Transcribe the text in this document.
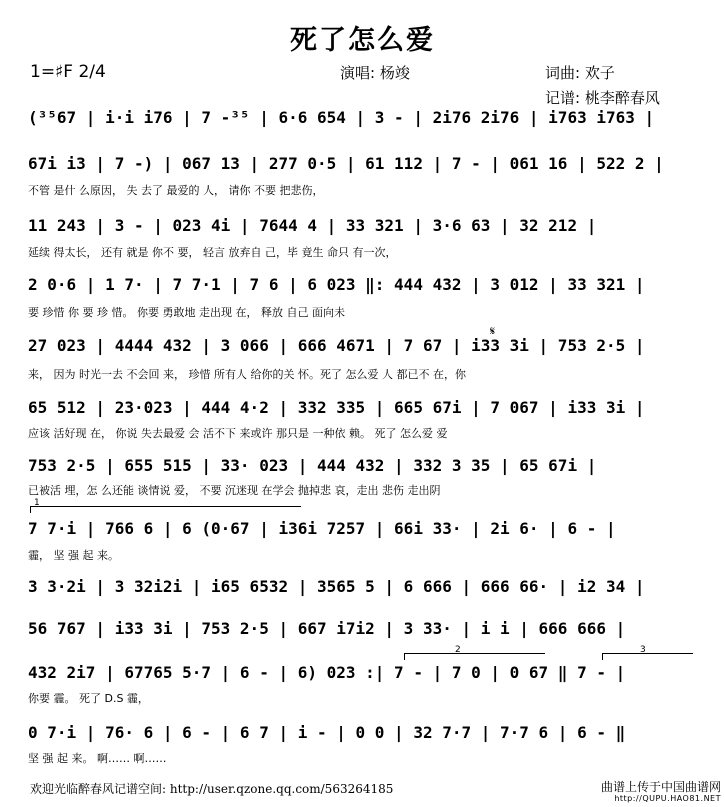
死了怎么爱
1=♯F 2/4	演唱: 杨竣	词曲: 欢子
记谱: 桃李醉春风
(³⁵67 | i·i i76 | 7 -³⁵ | 6·6 654 | 3 - | 2i76 2i76 | i763 i763 |
67i i3 | 7 -) | 067 13 | 277 0·5 | 61 112 | 7 - | 061 16 | 522 2 |
不管 是什 么原因， 失 去了 最爱的 人， 请你 不要 把悲伤，
11 243 | 3 - | 023 4i | 7644 4 | 33 321 | 3·6 63 | 32 212 |
延续 得太长， 还有 就是 你不 要， 轻言 放弃自 己，毕 竟生 命只 有一次，
2 0·6 | 1 7· | 7 7·1 | 7 6 | 6 023 ‖: 444 432 | 3 012 | 33 321 |
要 珍惜 你 要 珍 惜。 你要 勇敢地 走出现 在， 释放 自己 面向未
𝄋
27 023 | 4444 432 | 3 066 | 666 4671 | 7 67 | i33 3i | 753 2·5 |
来， 因为 时光一去 不会回 来， 珍惜 所有人 给你的关 怀。死了 怎么爱 人 都已不 在，你
65 512 | 23·023 | 444 4·2 | 332 335 | 665 67i | 7 067 | i33 3i |
应该 活好现 在， 你说 失去最爱 会 活不下 来或许 那只是 一种依 赖。 死了 怎么爱 爱
753 2·5 | 655 515 | 33· 023 | 444 432 | 332 3 35 | 65 67i |
已被活 埋，怎 么还能 谈情说 爱， 不要 沉迷现 在学会 抛掉悲 哀，走出 悲伤 走出阴
1
7 7·i | 766 6 | 6 (0·67 | i36i 7257 | 66i 33· | 2i 6· | 6 - |
霾， 坚 强 起 来。
3 3·2i | 3 32i2i | i65 6532 | 3565 5 | 6 666 | 666 66· | i2 34 |
56 767 | i33 3i | 753 2·5 | 667 i7i2 | 3 33· | i i | 666 666 |
2	3
432 2i7 | 67765 5·7 | 6 - | 6) 023 :| 7 - | 7 0 | 0 67 ‖ 7 - |
你要 霾。 死了 D.S 霾，
0 7·i | 76· 6 | 6 - | 6 7 | i - | 0 0 | 32 7·7 | 7·7 6 | 6 - ‖
坚 强 起 来。 啊…… 啊……
欢迎光临醉春风记谱空间: http://user.qzone.qq.com/563264185	曲谱上传于中国曲谱网
http://QUPU.HAO81.NET
